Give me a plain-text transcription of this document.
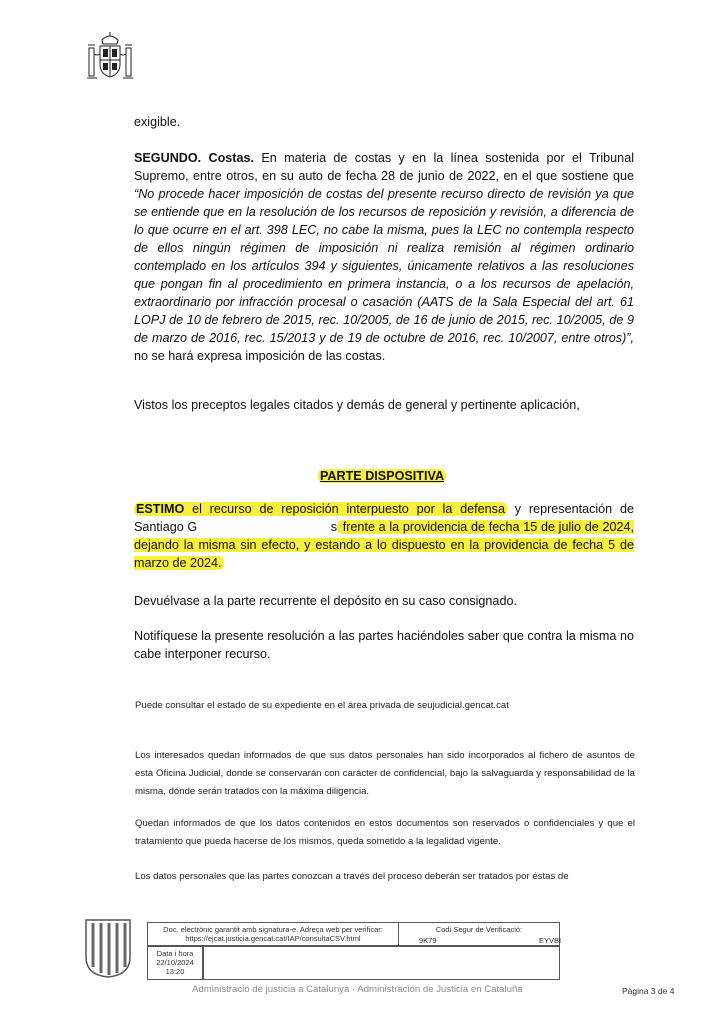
exigible.
SEGUNDO. Costas. En materia de costas y en la línea sostenida por el Tribunal Supremo, entre otros, en su auto de fecha 28 de junio de 2022, en el que sostiene que “No procede hacer imposición de costas del presente recurso directo de revisión ya que se entiende que en la resolución de los recursos de reposición y revisión, a diferencia de lo que ocurre en el art. 398 LEC, no cabe la misma, pues la LEC no contempla respecto de ellos ningún régimen de imposición ni realiza remisión al régimen ordinario contemplado en los artículos 394 y siguientes, únicamente relativos a las resoluciones que pongan fin al procedimiento en primera instancia, o a los recursos de apelación, extraordinario por infracción procesal o casación (AATS de la Sala Especial del art. 61 LOPJ de 10 de febrero de 2015, rec. 10/2005, de 16 de junio de 2015, rec. 10/2005, de 9 de marzo de 2016, rec. 15/2013 y de 19 de octubre de 2016, rec. 10/2007, entre otros)”, no se hará expresa imposición de las costas.
Vistos los preceptos legales citados y demás de general y pertinente aplicación,
PARTE DISPOSITIVA
ESTIMO el recurso de reposición interpuesto por la defensa y representación de Santiago G	s frente a la providencia de fecha 15 de julio de 2024, dejando la misma sin efecto, y estando a lo dispuesto en la providencia de fecha 5 de marzo de 2024.
Devuélvase a la parte recurrente el depósito en su caso consignado.
Notifíquese la presente resolución a las partes haciéndoles saber que contra la misma no cabe interponer recurso.
Puede consultar el estado de su expediente en el área privada de seujudicial.gencat.cat
Los interesados quedan informados de que sus datos personales han sido incorporados al fichero de asuntos de esta Oficina Judicial, donde se conservarán con carácter de confidencial, bajo la salvaguarda y responsabilidad de la misma, dónde serán tratados con la máxima diligencia.
Quedan informados de que los datos contenidos en estos documentos son reservados o confidenciales y que el tratamiento que pueda hacerse de los mismos, queda sometido a la legalidad vigente.
Los datos personales que las partes conozcan a través del proceso deberán ser tratados por éstas de
Doc. electrònic garantit amb signatura-e. Adreça web per verificar:
https://ejcat.justicia.gencat.cat/IAP/consultaCSV.html
Codi Segur de Verificació:
9K79	EYVBI
Data i hora
22/10/2024
13:20
Administració de justícia a Catalunya · Administración de Justicia en Cataluña	Pàgina 3 de 4
